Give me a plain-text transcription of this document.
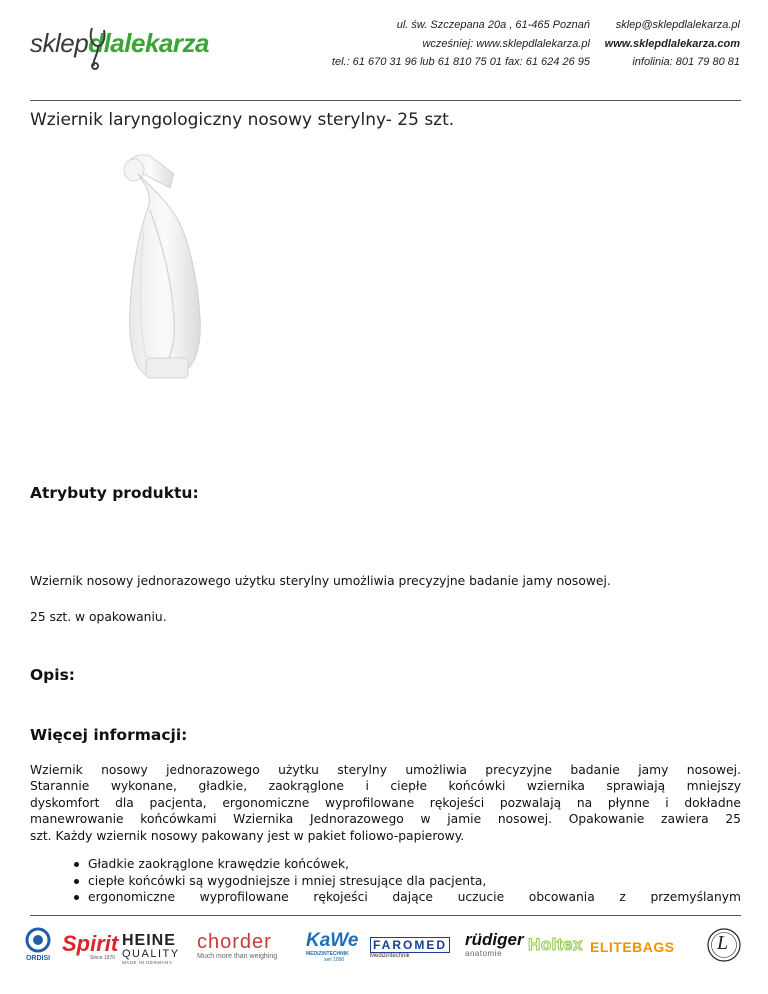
sklepdlalekarza
ul. św. Szczepana 20a , 61-465 Poznań
wcześniej: www.sklepdlalekarza.pl
tel.: 61 670 31 96 lub 61 810 75 01 fax: 61 624 26 95
sklep@sklepdlalekarza.pl
www.sklepdlalekarza.com
infolinia: 801 79 80 81
Wziernik laryngologiczny nosowy sterylny- 25 szt.
Atrybuty produktu:
Wziernik nosowy jednorazowego użytku sterylny umożliwia precyzyjne badanie jamy nosowej.
25 szt. w opakowaniu.
Opis:
Więcej informacji:
Wziernik nosowy jednorazowego użytku sterylny umożliwia precyzyjne badanie jamy nosowej.
Starannie wykonane, gładkie, zaokrąglone i ciepłe końcówki wziernika sprawiają mniejszy
dyskomfort dla pacjenta, ergonomiczne wyprofilowane rękojeści pozwalają na płynne i dokładne
manewrowanie końcówkami Wziernika Jednorazowego w jamie nosowej. Opakowanie zawiera 25
szt. Każdy wziernik nosowy pakowany jest w pakiet foliowo-papierowy.
Gładkie zaokrąglone krawędzie końcówek,
ciepłe końcówki są wygodniejsze i mniej stresujące dla pacjenta,
ergonomiczne wyprofilowane rękojeści dające uczucie obcowania z przemyślanym
ORDISI
Spirit
Since 1970
HEINE
QUALITY
MADE IN GERMANY
chorder
Much more than weighing
KaWe
MEDIZINTECHNIK
seit 1890
FAROMED
Medizintechnik
rüdiger
anatomie	Holtex ELITEBAGS L
